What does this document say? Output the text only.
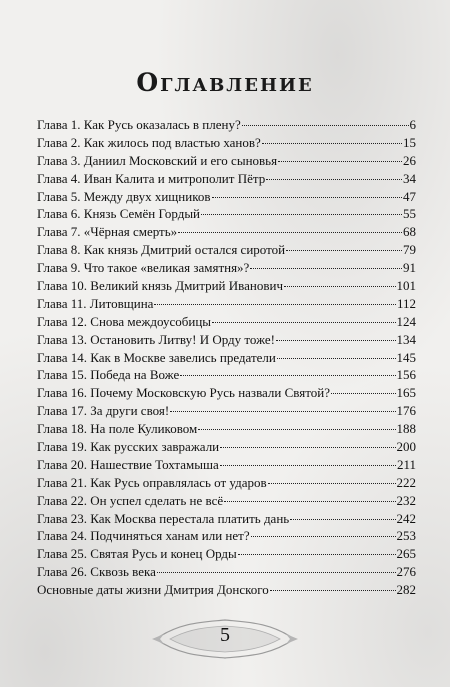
Оглавление
Глава 1. Как Русь оказалась в плену?	6
Глава 2. Как жилось под властью ханов?	15
Глава 3. Даниил Московский и его сыновья	26
Глава 4. Иван Калита и митрополит Пётр	34
Глава 5. Между двух хищников	47
Глава 6. Князь Семён Гордый	55
Глава 7. «Чёрная смерть»	68
Глава 8. Как князь Дмитрий остался сиротой	79
Глава 9. Что такое «великая замятня»?	91
Глава 10. Великий князь Дмитрий Иванович	101
Глава 11. Литовщина	112
Глава 12. Снова междоусобицы	124
Глава 13. Остановить Литву! И Орду тоже!	134
Глава 14. Как в Москве завелись предатели	145
Глава 15. Победа на Воже	156
Глава 16. Почему Московскую Русь назвали Святой?	165
Глава 17. За други своя!	176
Глава 18. На поле Куликовом	188
Глава 19. Как русских завражали	200
Глава 20. Нашествие Тохтамыша	211
Глава 21. Как Русь оправлялась от ударов	222
Глава 22. Он успел сделать не всё	232
Глава 23. Как Москва перестала платить дань	242
Глава 24. Подчиняться ханам или нет?	253
Глава 25. Святая Русь и конец Орды	265
Глава 26. Сквозь века	276
Основные даты жизни Дмитрия Донского	282
5
